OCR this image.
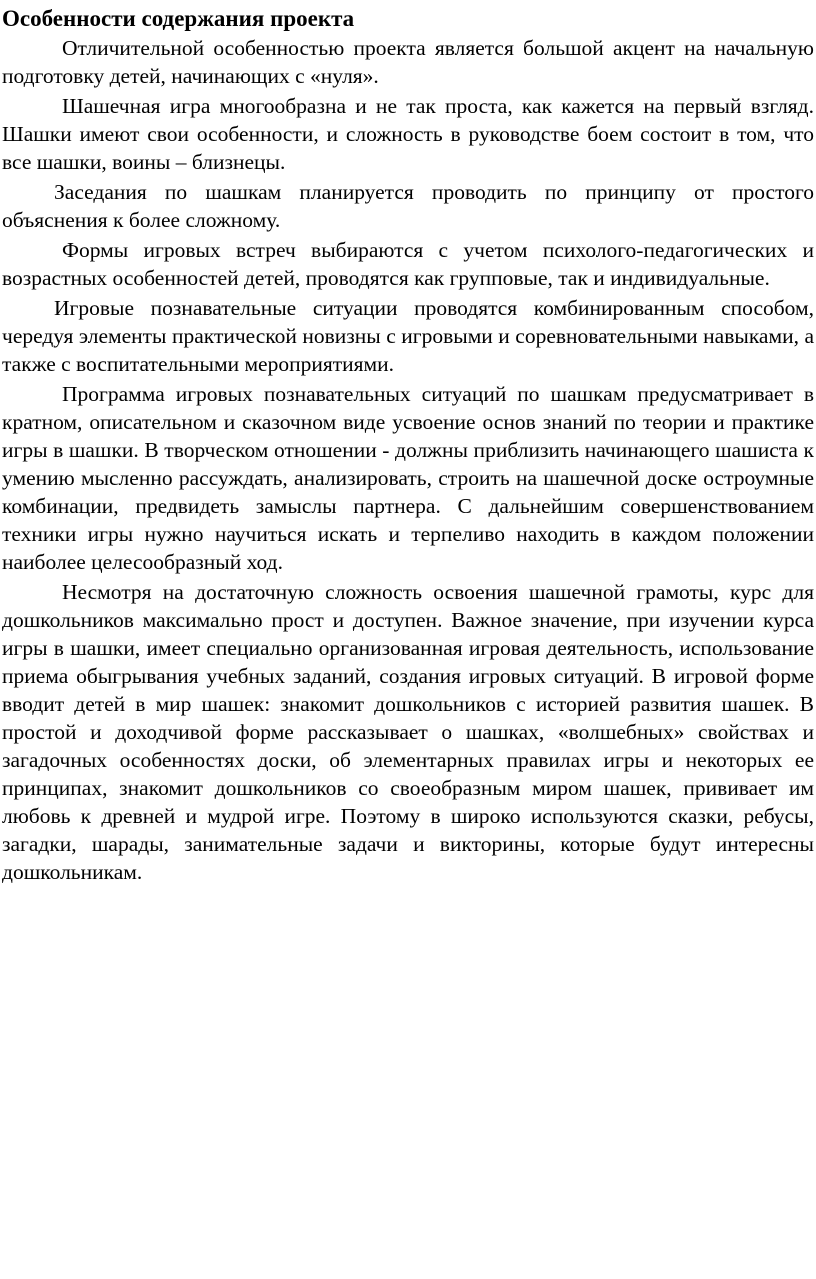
Особенности содержания проекта

Отличительной особенностью проекта является большой акцент на начальную подготовку детей, начинающих с «нуля».

Шашечная игра многообразна и не так проста, как кажется на первый взгляд. Шашки имеют свои особенности, и сложность в руководстве боем состоит в том, что все шашки, воины – близнецы.

Заседания по шашкам планируется проводить по принципу от простого объяснения к более сложному.

Формы игровых встреч выбираются с учетом психолого-педагогических и возрастных особенностей детей, проводятся как групповые, так и индивидуальные.

Игровые познавательные ситуации проводятся комбинированным способом, чередуя элементы практической новизны с игровыми и соревновательными навыками, а также с воспитательными мероприятиями.

Программа игровых познавательных ситуаций по шашкам предусматривает в кратном, описательном и сказочном виде усвоение основ знаний по теории и практике игры в шашки. В творческом отношении - должны приблизить начинающего шашиста к умению мысленно рассуждать, анализировать, строить на шашечной доске остроумные комбинации, предвидеть замыслы партнера. С дальнейшим совершенствованием техники игры нужно научиться искать и терпеливо находить в каждом положении наиболее целесообразный ход.

Несмотря на достаточную сложность освоения шашечной грамоты, курс для дошкольников максимально прост и доступен. Важное значение, при изучении курса игры в шашки, имеет специально организованная игровая деятельность, использование приема обыгрывания учебных заданий, создания игровых ситуаций. В игровой форме вводит детей в мир шашек: знакомит дошкольников с историей развития шашек. В простой и доходчивой форме рассказывает о шашках, «волшебных» свойствах и загадочных особенностях доски, об элементарных правилах игры и некоторых ее принципах, знакомит дошкольников со своеобразным миром шашек, прививает им любовь к древней и мудрой игре. Поэтому в широко используются сказки, ребусы, загадки, шарады, занимательные задачи и викторины, которые будут интересны дошкольникам.
